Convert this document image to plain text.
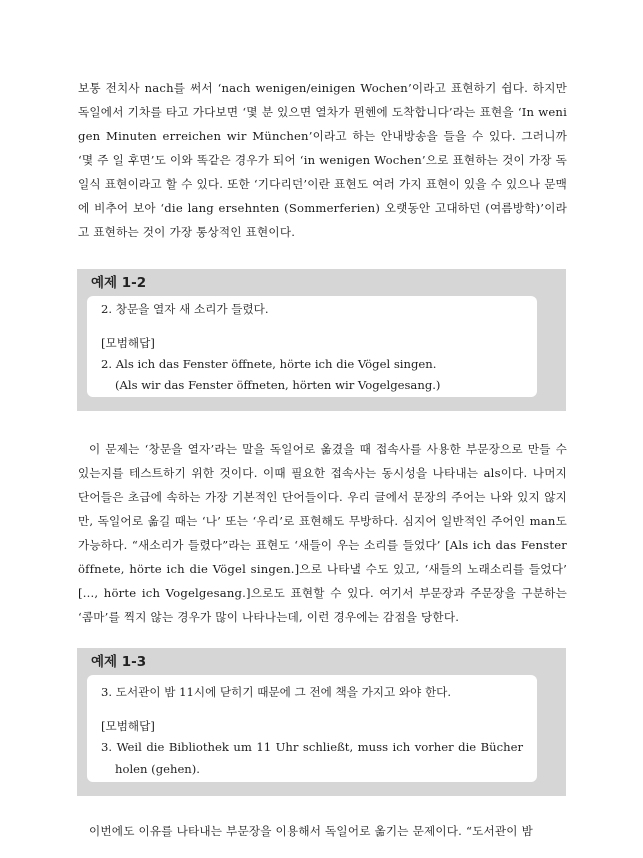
보통 전치사 nach를 써서 ‘nach wenigen/einigen Wochen’이라고 표현하기 쉽다. 하지만 독일에서 기차를 타고 가다보면 ‘몇 분 있으면 열차가 뮌헨에 도착합니다’라는 표현을 ‘In wenigen Minuten erreichen wir München’이라고 하는 안내방송을 들을 수 있다. 그러니까 ‘몇 주 일 후면’도 이와 똑같은 경우가 되어 ‘in wenigen Wochen’으로 표현하는 것이 가장 독일식 표현이라고 할 수 있다. 또한 ‘기다리던’이란 표현도 여러 가지 표현이 있을 수 있으나 문맥에 비추어 보아 ‘die lang ersehnten (Sommerferien) 오랫동안 고대하던 (여름방학)’이라고 표현하는 것이 가장 통상적인 표현이다.
예제 1-2
2. 창문을 열자 새 소리가 들렸다.
[모범해답]
2. Als ich das Fenster öffnete, hörte ich die Vögel singen.
(Als wir das Fenster öffneten, hörten wir Vogelgesang.)
이 문제는 ‘창문을 열자’라는 말을 독일어로 옮겼을 때 접속사를 사용한 부문장으로 만들 수 있는지를 테스트하기 위한 것이다. 이때 필요한 접속사는 동시성을 나타내는 als이다. 나머지 단어들은 초급에 속하는 가장 기본적인 단어들이다. 우리 글에서 문장의 주어는 나와 있지 않지만, 독일어로 옮길 때는 ‘나’ 또는 ‘우리’로 표현해도 무방하다. 심지어 일반적인 주어인 man도 가능하다. “새소리가 들렸다”라는 표현도 ‘새들이 우는 소리를 들었다’ [Als ich das Fenster öffnete, hörte ich die Vögel singen.]으로 나타낼 수도 있고, ‘새들의 노래소리를 들었다’ [..., hörte ich Vogelgesang.]으로도 표현할 수 있다. 여기서 부문장과 주문장을 구분하는 ‘콤마’를 찍지 않는 경우가 많이 나타나는데, 이런 경우에는 감점을 당한다.
예제 1-3
3. 도서관이 밤 11시에 닫히기 때문에 그 전에 책을 가지고 와야 한다.
[모범해답]
3. Weil die Bibliothek um 11 Uhr schließt, muss ich vorher die Bücher holen (gehen).
이번에도 이유를 나타내는 부문장을 이용해서 독일어로 옮기는 문제이다. “도서관이 밤
